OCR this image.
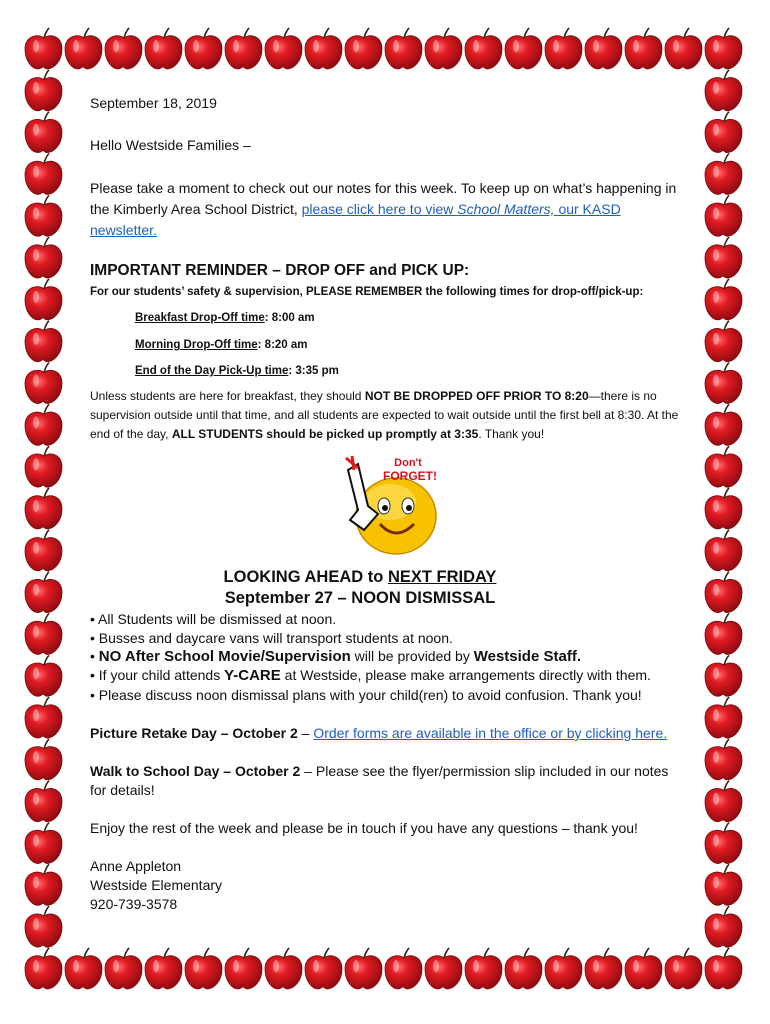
September 18, 2019
Hello Westside Families –
Please take a moment to check out our notes for this week. To keep up on what’s happening in the Kimberly Area School District, please click here to view School Matters, our KASD newsletter.
IMPORTANT REMINDER – DROP OFF and PICK UP:
For our students’ safety & supervision, PLEASE REMEMBER the following times for drop-off/pick-up:
Breakfast Drop-Off time: 8:00 am
Morning Drop-Off time: 8:20 am
End of the Day Pick-Up time: 3:35 pm
Unless students are here for breakfast, they should NOT BE DROPPED OFF PRIOR TO 8:20—there is no supervision outside until that time, and all students are expected to wait outside until the first bell at 8:30. At the end of the day, ALL STUDENTS should be picked up promptly at 3:35. Thank you!
Don't
FORGET!
LOOKING AHEAD to NEXT FRIDAY
September 27 – NOON DISMISSAL
• All Students will be dismissed at noon.
• Busses and daycare vans will transport students at noon.
• NO After School Movie/Supervision will be provided by Westside Staff.
• If your child attends Y-CARE at Westside, please make arrangements directly with them.
• Please discuss noon dismissal plans with your child(ren) to avoid confusion. Thank you!
Picture Retake Day – October 2 – Order forms are available in the office or by clicking here.
Walk to School Day – October 2 – Please see the flyer/permission slip included in our notes for details!
Enjoy the rest of the week and please be in touch if you have any questions – thank you!
Anne Appleton
Westside Elementary
920-739-3578
